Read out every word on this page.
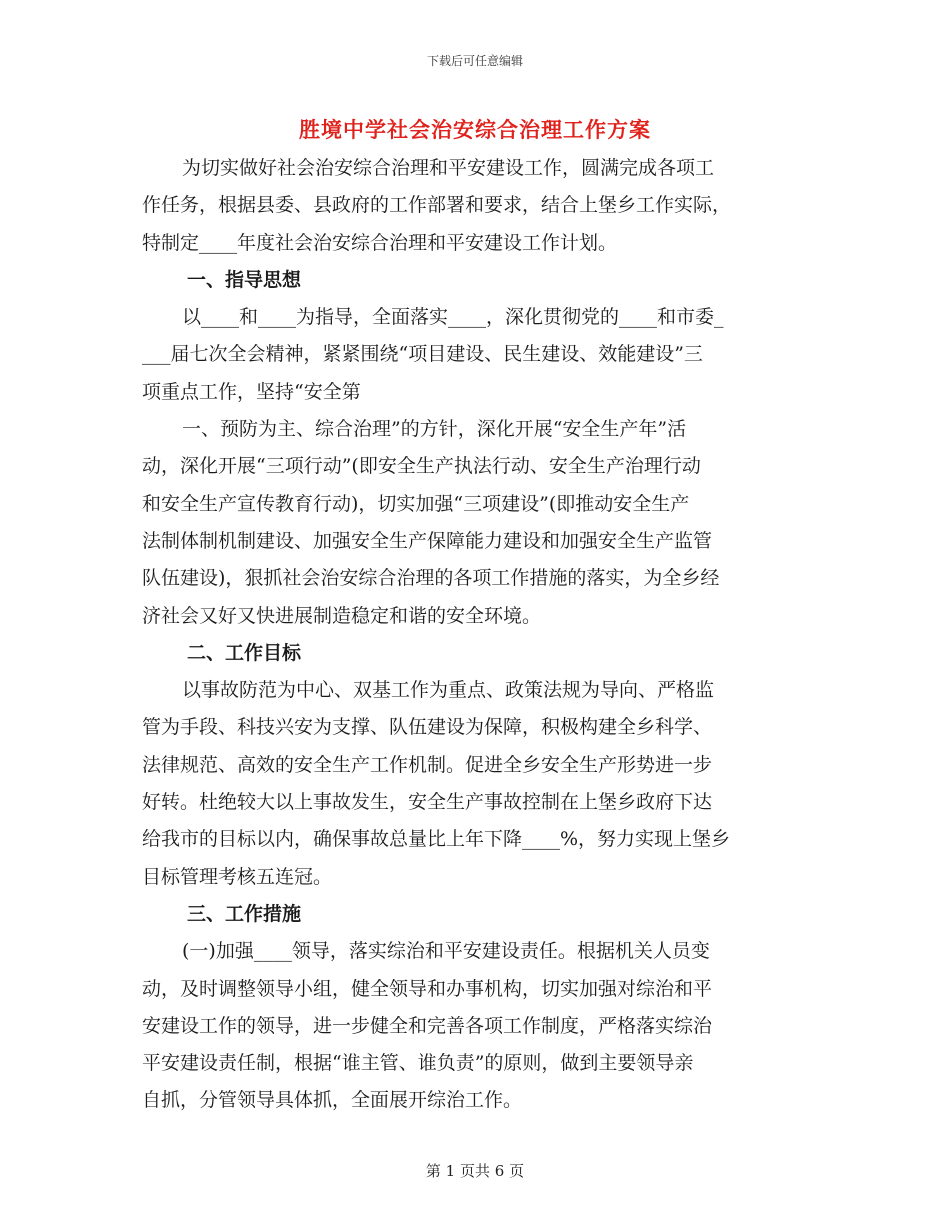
下载后可任意编辑
胜境中学社会治安综合治理工作方案
为切实做好社会治安综合治理和平安建设工作，圆满完成各项工
作任务，根据县委、县政府的工作部署和要求，结合上堡乡工作实际，
特制定____年度社会治安综合治理和平安建设工作计划。
一、指导思想
以____和____为指导，全面落实____，深化贯彻党的____和市委_
___届七次全会精神，紧紧围绕“项目建设、民生建设、效能建设”三
项重点工作，坚持“安全第
一、预防为主、综合治理”的方针，深化开展“安全生产年”活
动，深化开展“三项行动”(即安全生产执法行动、安全生产治理行动
和安全生产宣传教育行动)，切实加强“三项建设”(即推动安全生产
法制体制机制建设、加强安全生产保障能力建设和加强安全生产监管
队伍建设)，狠抓社会治安综合治理的各项工作措施的落实，为全乡经
济社会又好又快进展制造稳定和谐的安全环境。
二、工作目标
以事故防范为中心、双基工作为重点、政策法规为导向、严格监
管为手段、科技兴安为支撑、队伍建设为保障，积极构建全乡科学、
法律规范、高效的安全生产工作机制。促进全乡安全生产形势进一步
好转。杜绝较大以上事故发生，安全生产事故控制在上堡乡政府下达
给我市的目标以内，确保事故总量比上年下降____%，努力实现上堡乡
目标管理考核五连冠。
三、工作措施
(一)加强____领导，落实综治和平安建设责任。根据机关人员变
动，及时调整领导小组，健全领导和办事机构，切实加强对综治和平
安建设工作的领导，进一步健全和完善各项工作制度，严格落实综治
平安建设责任制，根据“谁主管、谁负责”的原则，做到主要领导亲
自抓，分管领导具体抓，全面展开综治工作。
第 1 页共 6 页
